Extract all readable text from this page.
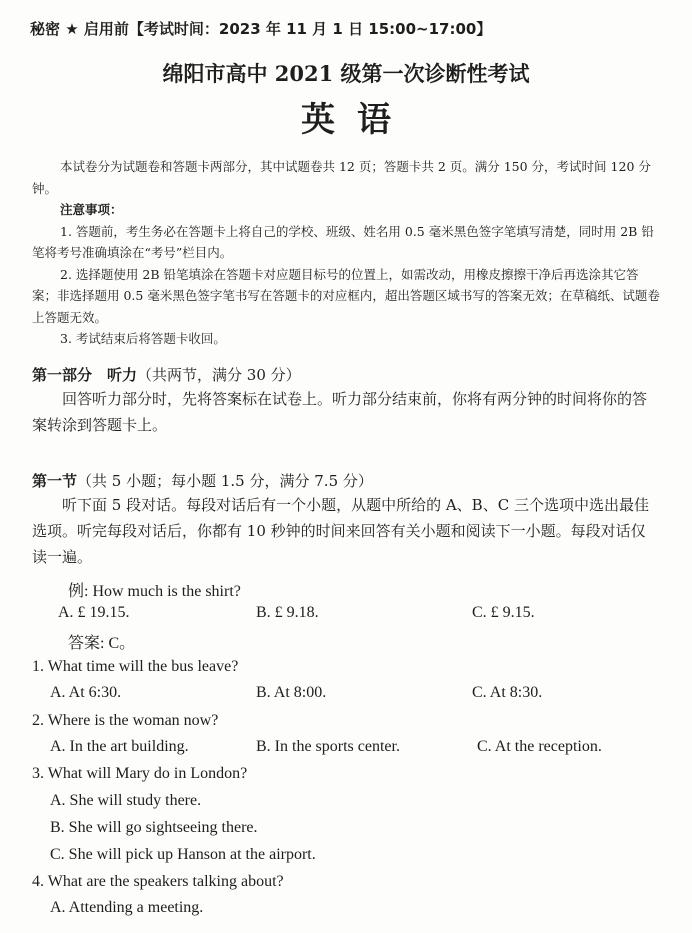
秘密 ★ 启用前【考试时间：2023 年 11 月 1 日 15:00~17:00】
绵阳市高中 2021 级第一次诊断性考试
英语

本试卷分为试题卷和答题卡两部分，其中试题卷共 12 页；答题卡共 2 页。满分 150 分，考试时间 120 分钟。

注意事项：

1. 答题前，考生务必在答题卡上将自己的学校、班级、姓名用 0.5 毫米黑色签字笔填写清楚，同时用 2B 铅笔将考号准确填涂在“考号”栏目内。

2. 选择题使用 2B 铅笔填涂在答题卡对应题目标号的位置上，如需改动，用橡皮擦擦干净后再选涂其它答案；非选择题用 0.5 毫米黑色签字笔书写在答题卡的对应框内，超出答题区域书写的答案无效；在草稿纸、试题卷上答题无效。

3. 考试结束后将答题卡收回。

第一部分　听力（共两节，满分 30 分）

回答听力部分时，先将答案标在试卷上。听力部分结束前，你将有两分钟的时间将你的答案转涂到答题卡上。

第一节（共 5 小题；每小题 1.5 分，满分 7.5 分）

听下面 5 段对话。每段对话后有一个小题，从题中所给的 A、B、C 三个选项中选出最佳选项。听完每段对话后，你都有 10 秒钟的时间来回答有关小题和阅读下一小题。每段对话仅读一遍。

例: How much is the shirt?
A. £ 19.15.	B. £ 9.18.	C. £ 9.15.
答案: C。
1. What time will the bus leave?
A. At 6:30.	B. At 8:00.	C. At 8:30.
2. Where is the woman now?
A. In the art building.	B. In the sports center.	C. At the reception.
3. What will Mary do in London?
A. She will study there.
B. She will go sightseeing there.
C. She will pick up Hanson at the airport.
4. What are the speakers talking about?
A. Attending a meeting.
